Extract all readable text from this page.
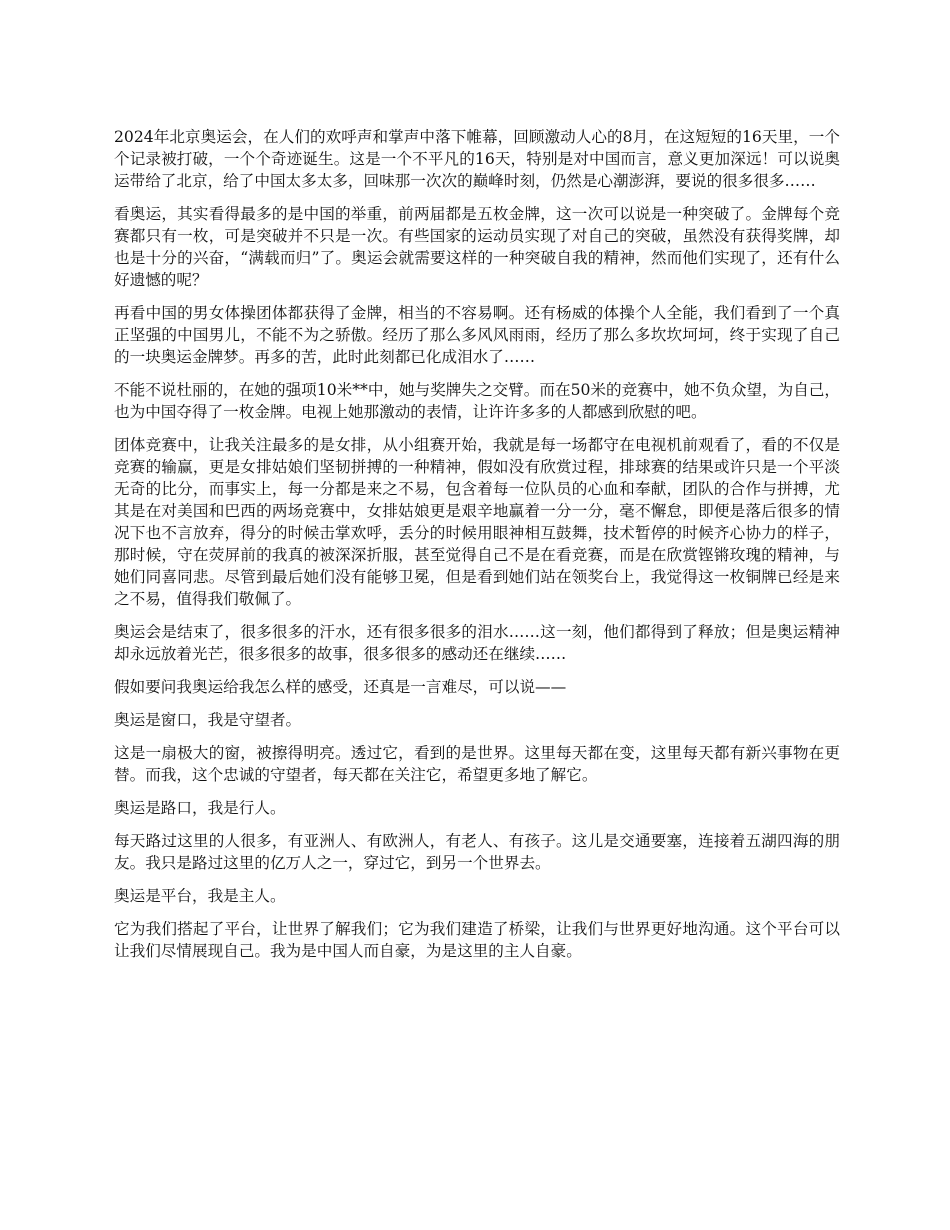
2024年北京奥运会，在人们的欢呼声和掌声中落下帷幕，回顾激动人心的8月，在这短短的16天里，一个个记录被打破，一个个奇迹诞生。这是一个不平凡的16天，特别是对中国而言，意义更加深远！可以说奥运带给了北京，给了中国太多太多，回味那一次次的巅峰时刻，仍然是心潮澎湃，要说的很多很多……

看奥运，其实看得最多的是中国的举重，前两届都是五枚金牌，这一次可以说是一种突破了。金牌每个竞赛都只有一枚，可是突破并不只是一次。有些国家的运动员实现了对自己的突破，虽然没有获得奖牌，却也是十分的兴奋，“满载而归”了。奥运会就需要这样的一种突破自我的精神，然而他们实现了，还有什么好遗憾的呢？

再看中国的男女体操团体都获得了金牌，相当的不容易啊。还有杨威的体操个人全能，我们看到了一个真正坚强的中国男儿，不能不为之骄傲。经历了那么多风风雨雨，经历了那么多坎坎坷坷，终于实现了自己的一块奥运金牌梦。再多的苦，此时此刻都已化成泪水了……

不能不说杜丽的，在她的强项10米**中，她与奖牌失之交臂。而在50米的竞赛中，她不负众望，为自己，也为中国夺得了一枚金牌。电视上她那激动的表情，让许许多多的人都感到欣慰的吧。

团体竞赛中，让我关注最多的是女排，从小组赛开始，我就是每一场都守在电视机前观看了，看的不仅是竞赛的输赢，更是女排姑娘们坚韧拼搏的一种精神，假如没有欣赏过程，排球赛的结果或许只是一个平淡无奇的比分，而事实上，每一分都是来之不易，包含着每一位队员的心血和奉献，团队的合作与拼搏，尤其是在对美国和巴西的两场竞赛中，女排姑娘更是艰辛地赢着一分一分，毫不懈怠，即便是落后很多的情况下也不言放弃，得分的时候击掌欢呼，丢分的时候用眼神相互鼓舞，技术暂停的时候齐心协力的样子，那时候，守在荧屏前的我真的被深深折服，甚至觉得自己不是在看竞赛，而是在欣赏铿锵玫瑰的精神，与她们同喜同悲。尽管到最后她们没有能够卫冕，但是看到她们站在领奖台上，我觉得这一枚铜牌已经是来之不易，值得我们敬佩了。

奥运会是结束了，很多很多的汗水，还有很多很多的泪水……这一刻，他们都得到了释放；但是奥运精神却永远放着光芒，很多很多的故事，很多很多的感动还在继续……

假如要问我奥运给我怎么样的感受，还真是一言难尽，可以说——

奥运是窗口，我是守望者。

这是一扇极大的窗，被擦得明亮。透过它，看到的是世界。这里每天都在变，这里每天都有新兴事物在更替。而我，这个忠诚的守望者，每天都在关注它，希望更多地了解它。

奥运是路口，我是行人。

每天路过这里的人很多，有亚洲人、有欧洲人，有老人、有孩子。这儿是交通要塞，连接着五湖四海的朋友。我只是路过这里的亿万人之一，穿过它，到另一个世界去。

奥运是平台，我是主人。

它为我们搭起了平台，让世界了解我们；它为我们建造了桥梁，让我们与世界更好地沟通。这个平台可以让我们尽情展现自己。我为是中国人而自豪，为是这里的主人自豪。
